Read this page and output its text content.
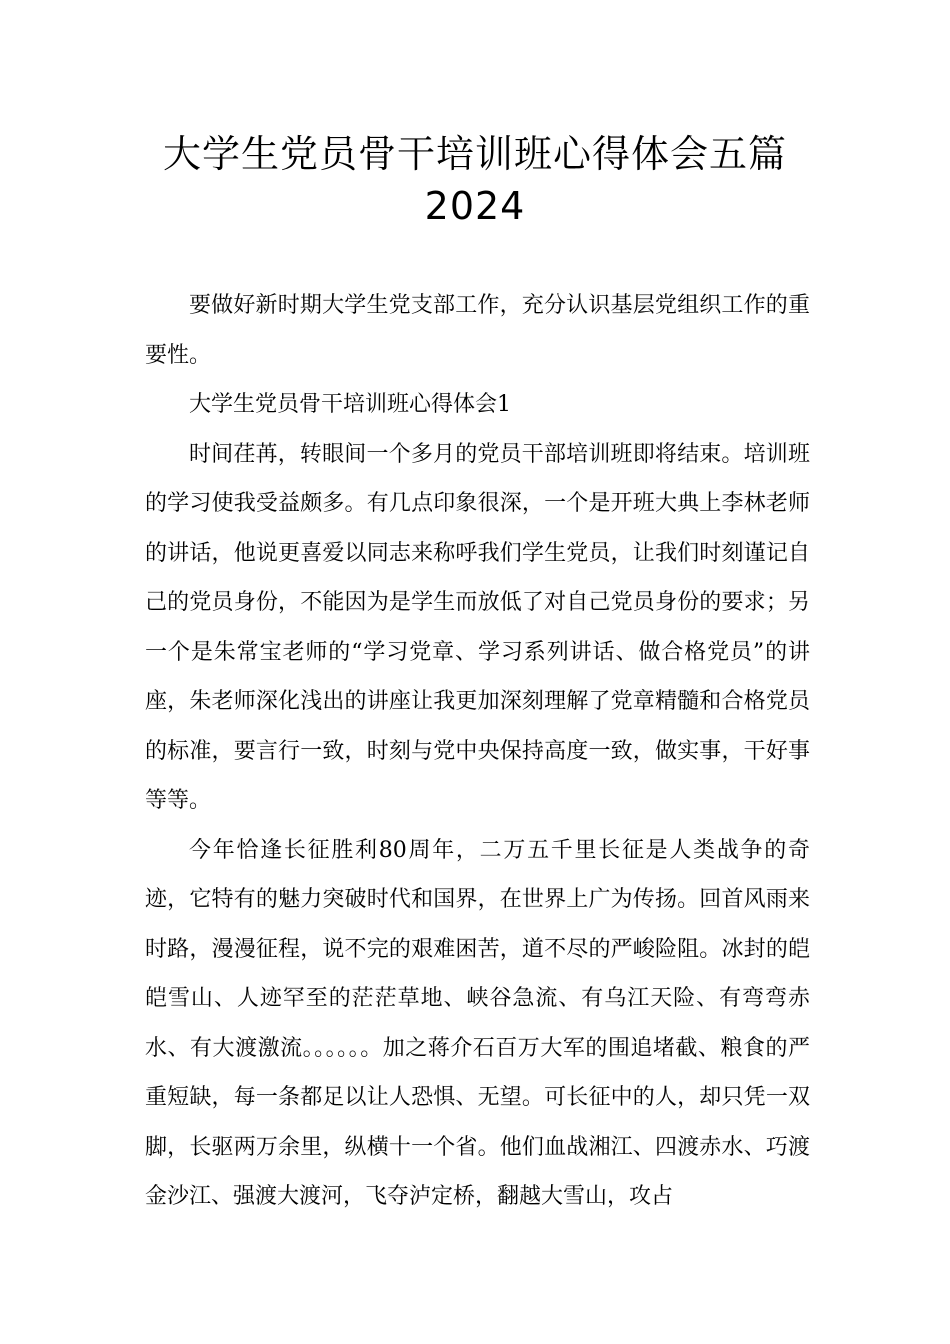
大学生党员骨干培训班心得体会五篇
2024

要做好新时期大学生党支部工作，充分认识基层党组织工作的重要性。

大学生党员骨干培训班心得体会1

时间荏苒，转眼间一个多月的党员干部培训班即将结束。培训班的学习使我受益颇多。有几点印象很深，一个是开班大典上李林老师的讲话，他说更喜爱以同志来称呼我们学生党员，让我们时刻谨记自己的党员身份，不能因为是学生而放低了对自己党员身份的要求；另一个是朱常宝老师的“学习党章、学习系列讲话、做合格党员”的讲座，朱老师深化浅出的讲座让我更加深刻理解了党章精髓和合格党员的标准，要言行一致，时刻与党中央保持高度一致，做实事，干好事等等。

今年恰逢长征胜利80周年，二万五千里长征是人类战争的奇迹，它特有的魅力突破时代和国界，在世界上广为传扬。回首风雨来时路，漫漫征程，说不完的艰难困苦，道不尽的严峻险阻。冰封的皑皑雪山、人迹罕至的茫茫草地、峡谷急流、有乌江天险、有弯弯赤水、有大渡激流。。。。。。加之蒋介石百万大军的围追堵截、粮食的严重短缺，每一条都足以让人恐惧、无望。可长征中的人，却只凭一双脚，长驱两万余里，纵横十一个省。他们血战湘江、四渡赤水、巧渡金沙江、强渡大渡河，飞夺泸定桥，翻越大雪山，攻占
